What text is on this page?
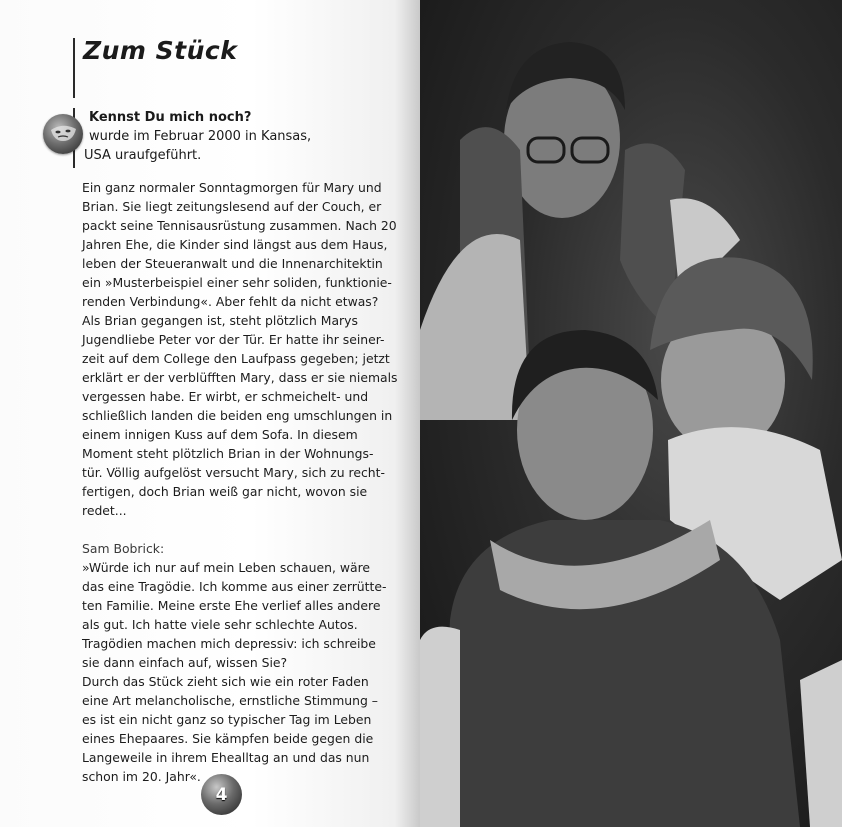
Zum Stück
Kennst Du mich noch?
wurde im Februar 2000 in Kansas,
USA uraufgeführt.

Ein ganz normaler Sonntagmorgen für Mary und

Brian. Sie liegt zeitungslesend auf der Couch, er

packt seine Tennisausrüstung zusammen. Nach 20

Jahren Ehe, die Kinder sind längst aus dem Haus,

leben der Steueranwalt und die Innenarchitektin

ein »Musterbeispiel einer sehr soliden, funktionie-

renden Verbindung«. Aber fehlt da nicht etwas?

Als Brian gegangen ist, steht plötzlich Marys

Jugendliebe Peter vor der Tür. Er hatte ihr seiner-

zeit auf dem College den Laufpass gegeben; jetzt

erklärt er der verblüfften Mary, dass er sie niemals

vergessen habe. Er wirbt, er schmeichelt- und

schließlich landen die beiden eng umschlungen in

einem innigen Kuss auf dem Sofa. In diesem

Moment steht plötzlich Brian in der Wohnungs-

tür. Völlig aufgelöst versucht Mary, sich zu recht-

fertigen, doch Brian weiß gar nicht, wovon sie

redet...

Sam Bobrick:

»Würde ich nur auf mein Leben schauen, wäre

das eine Tragödie. Ich komme aus einer zerrütte-

ten Familie. Meine erste Ehe verlief alles andere

als gut. Ich hatte viele sehr schlechte Autos.

Tragödien machen mich depressiv: ich schreibe

sie dann einfach auf, wissen Sie?

Durch das Stück zieht sich wie ein roter Faden

eine Art melancholische, ernstliche Stimmung –

es ist ein nicht ganz so typischer Tag im Leben

eines Ehepaares. Sie kämpfen beide gegen die

Langeweile in ihrem Ehealltag an und das nun

schon im 20. Jahr«.

4
